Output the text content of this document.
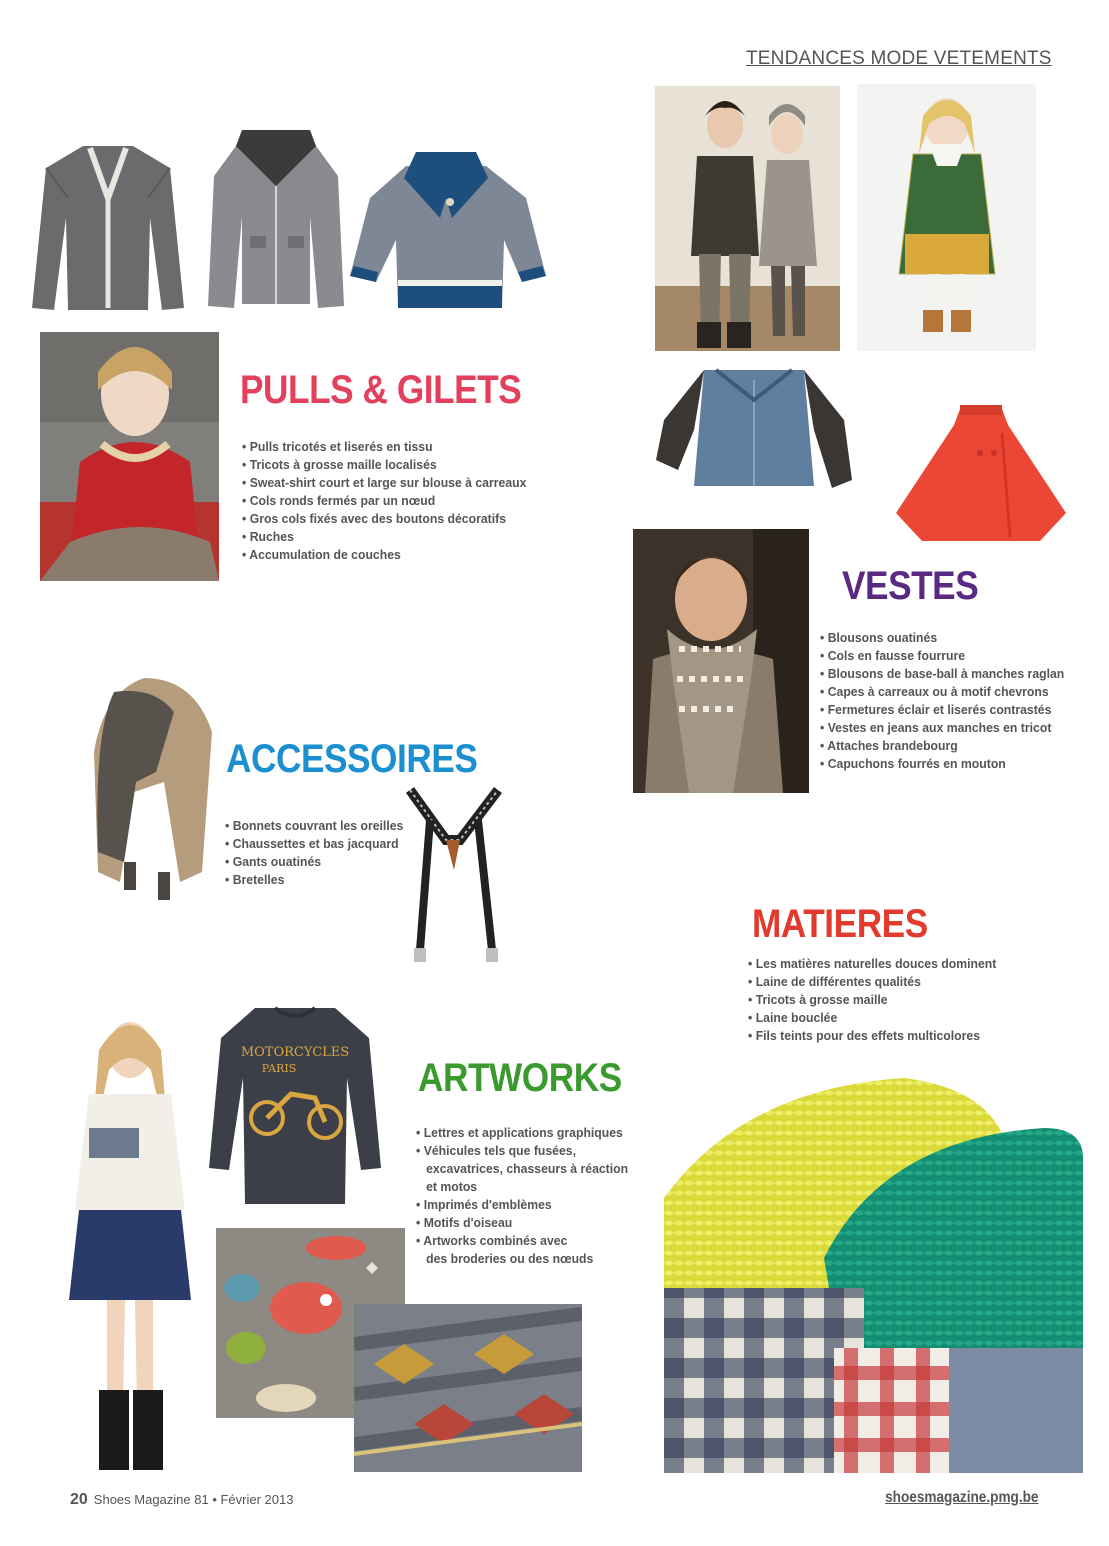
TENDANCES MODE VETEMENTS
PULLS & GILETS
• Pulls tricotés et liserés en tissu
• Tricots à grosse maille localisés
• Sweat-shirt court et large sur blouse à carreaux
• Cols ronds fermés par un nœud
• Gros cols fixés avec des boutons décoratifs
• Ruches
• Accumulation de couches
VESTES
• Blousons ouatinés
• Cols en fausse fourrure
• Blousons de base-ball à manches raglan
• Capes à carreaux ou à motif chevrons
• Fermetures éclair et liserés contrastés
• Vestes en jeans aux manches en tricot
• Attaches brandebourg
• Capuchons fourrés en mouton
ACCESSOIRES
• Bonnets couvrant les oreilles
• Chaussettes et bas jacquard
• Gants ouatinés
• Bretelles
MATIERES
• Les matières naturelles douces dominent
• Laine de différentes qualités
• Tricots à grosse maille
• Laine bouclée
• Fils teints pour des effets multicolores
MOTORCYCLES
PARIS	ARTWORKS
• Lettres et applications graphiques
• Véhicules tels que fusées,
excavatrices, chasseurs à réaction
et motos
• Imprimés d'emblèmes
• Motifs d'oiseau
• Artworks combinés avec
des broderies ou des nœuds
20 Shoes Magazine 81 • Février 2013	shoesmagazine.pmg.be
